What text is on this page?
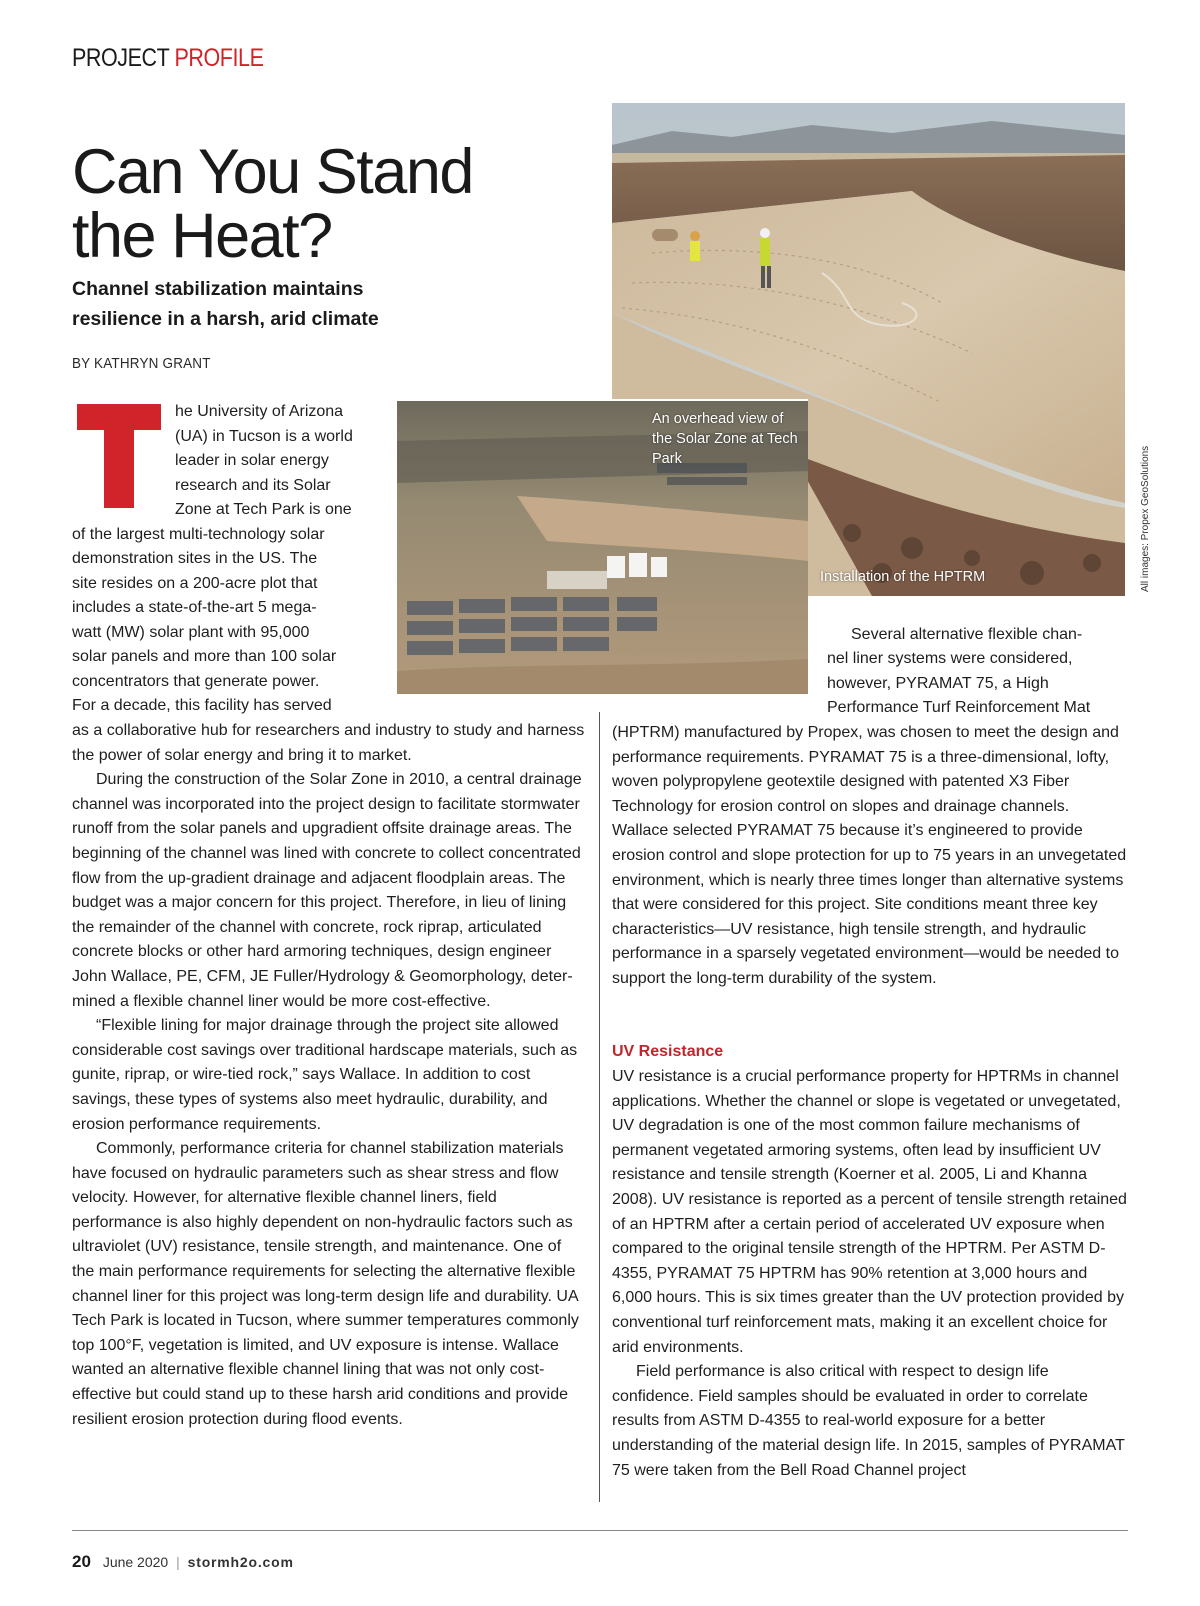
PROJECT PROFILE
Can You Stand
the Heat?
Channel stabilization maintains
resilience in a harsh, arid climate
BY KATHRYN GRANT
An overhead view of the Solar Zone at Tech Park
Installation of the HPTRM	All images: Propex GeoSolutions
T
he University of Arizona
(UA) in Tucson is a world
leader in solar energy
research and its Solar
Zone at Tech Park is one
of the largest multi-technology solar
demonstration sites in the US. The
site resides on a 200-acre plot that
includes a state-of-the-art 5 mega-
watt (MW) solar plant with 95,000
solar panels and more than 100 solar
concentrators that generate power.
For a decade, this facility has served

as a collaborative hub for researchers and industry to study and harness the power of solar energy and bring it to market.

During the construction of the Solar Zone in 2010, a central drainage channel was incorporated into the project design to facilitate stormwater runoff from the solar panels and upgradient offsite drainage areas. The beginning of the channel was lined with concrete to collect concentrated flow from the up-gradient drainage and adjacent floodplain areas. The budget was a major concern for this project. Therefore, in lieu of lining the remainder of the channel with concrete, rock riprap, articulated concrete blocks or other hard armoring techniques, design engineer John Wallace, PE, CFM, JE Fuller/Hydrology & Geomorphology, determined a flexible channel liner would be more cost-effective.

“Flexible lining for major drainage through the project site allowed considerable cost savings over traditional hardscape materials, such as gunite, riprap, or wire-tied rock,” says Wallace. In addition to cost savings, these types of systems also meet hydraulic, durability, and erosion performance requirements.

Commonly, performance criteria for channel stabilization materials have focused on hydraulic parameters such as shear stress and flow velocity. However, for alternative flexible channel liners, field performance is also highly dependent on non-hydraulic factors such as ultraviolet (UV) resistance, tensile strength, and maintenance. One of the main performance requirements for selecting the alternative flexible channel liner for this project was long-term design life and durability. UA Tech Park is located in Tucson, where summer temperatures commonly top 100°F, vegetation is limited, and UV exposure is intense. Wallace wanted an alternative flexible channel lining that was not only cost-effective but could stand up to these harsh arid conditions and provide resilient erosion protection during flood events.

Several alternative flexible chan-
nel liner systems were considered,
however, PYRAMAT 75, a High
Performance Turf Reinforcement Mat

(HPTRM) manufactured by Propex, was chosen to meet the design and performance requirements. PYRAMAT 75 is a three-dimensional, lofty, woven polypropylene geotextile designed with patented X3 Fiber Technology for erosion control on slopes and drainage channels. Wallace selected PYRAMAT 75 because it’s engineered to provide erosion control and slope protection for up to 75 years in an unvegetated environment, which is nearly three times longer than alternative systems that were considered for this project. Site conditions meant three key characteristics—UV resistance, high tensile strength, and hydraulic performance in a sparsely vegetated environment—would be needed to support the long-term durability of the system.

UV Resistance

UV resistance is a crucial performance property for HPTRMs in channel applications. Whether the channel or slope is vegetated or unvegetated, UV degradation is one of the most common failure mechanisms of permanent vegetated armoring systems, often lead by insufficient UV resistance and tensile strength (Koerner et al. 2005, Li and Khanna 2008). UV resistance is reported as a percent of tensile strength retained of an HPTRM after a certain period of accelerated UV exposure when compared to the original tensile strength of the HPTRM. Per ASTM D-4355, PYRAMAT 75 HPTRM has 90% retention at 3,000 hours and 6,000 hours. This is six times greater than the UV protection provided by conventional turf reinforcement mats, making it an excellent choice for arid environments.

Field performance is also critical with respect to design life confidence. Field samples should be evaluated in order to correlate results from ASTM D-4355 to real-world exposure for a better understanding of the material design life. In 2015, samples of PYRAMAT 75 were taken from the Bell Road Channel project

20 June 2020 | stormh2o.com
